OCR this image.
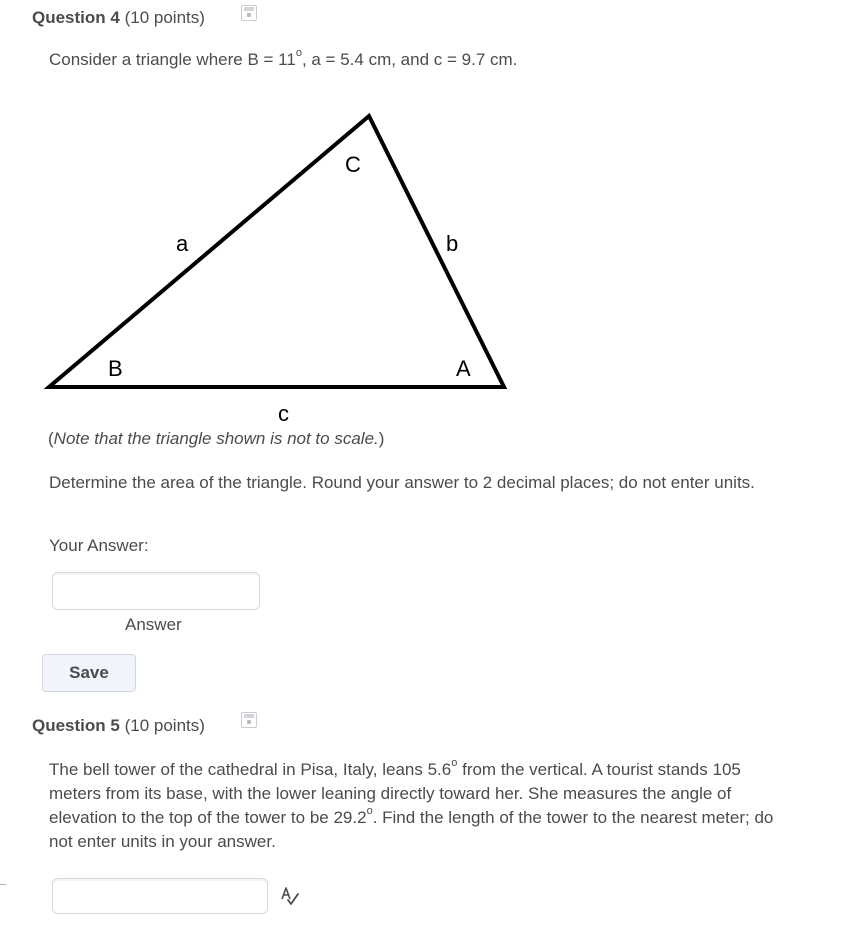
Question 4 (10 points)
Consider a triangle where $B = 11^o$, a = 5.4 cm, and c = 9.7 cm.
C
a	b
B	A
c
(Note that the triangle shown is not to scale.)
Determine the area of the triangle. Round your answer to 2 decimal places; do not enter units.
Your Answer:
Answer
Save
Question 5 (10 points)
The bell tower of the cathedral in Pisa, Italy, leans 5.6$^o$ from the vertical. A tourist stands 105 meters from its base, with the lower leaning directly toward her. She measures the angle of elevation to the top of the tower to be 29.2$^o$. Find the length of the tower to the nearest meter; do not enter units in your answer.
